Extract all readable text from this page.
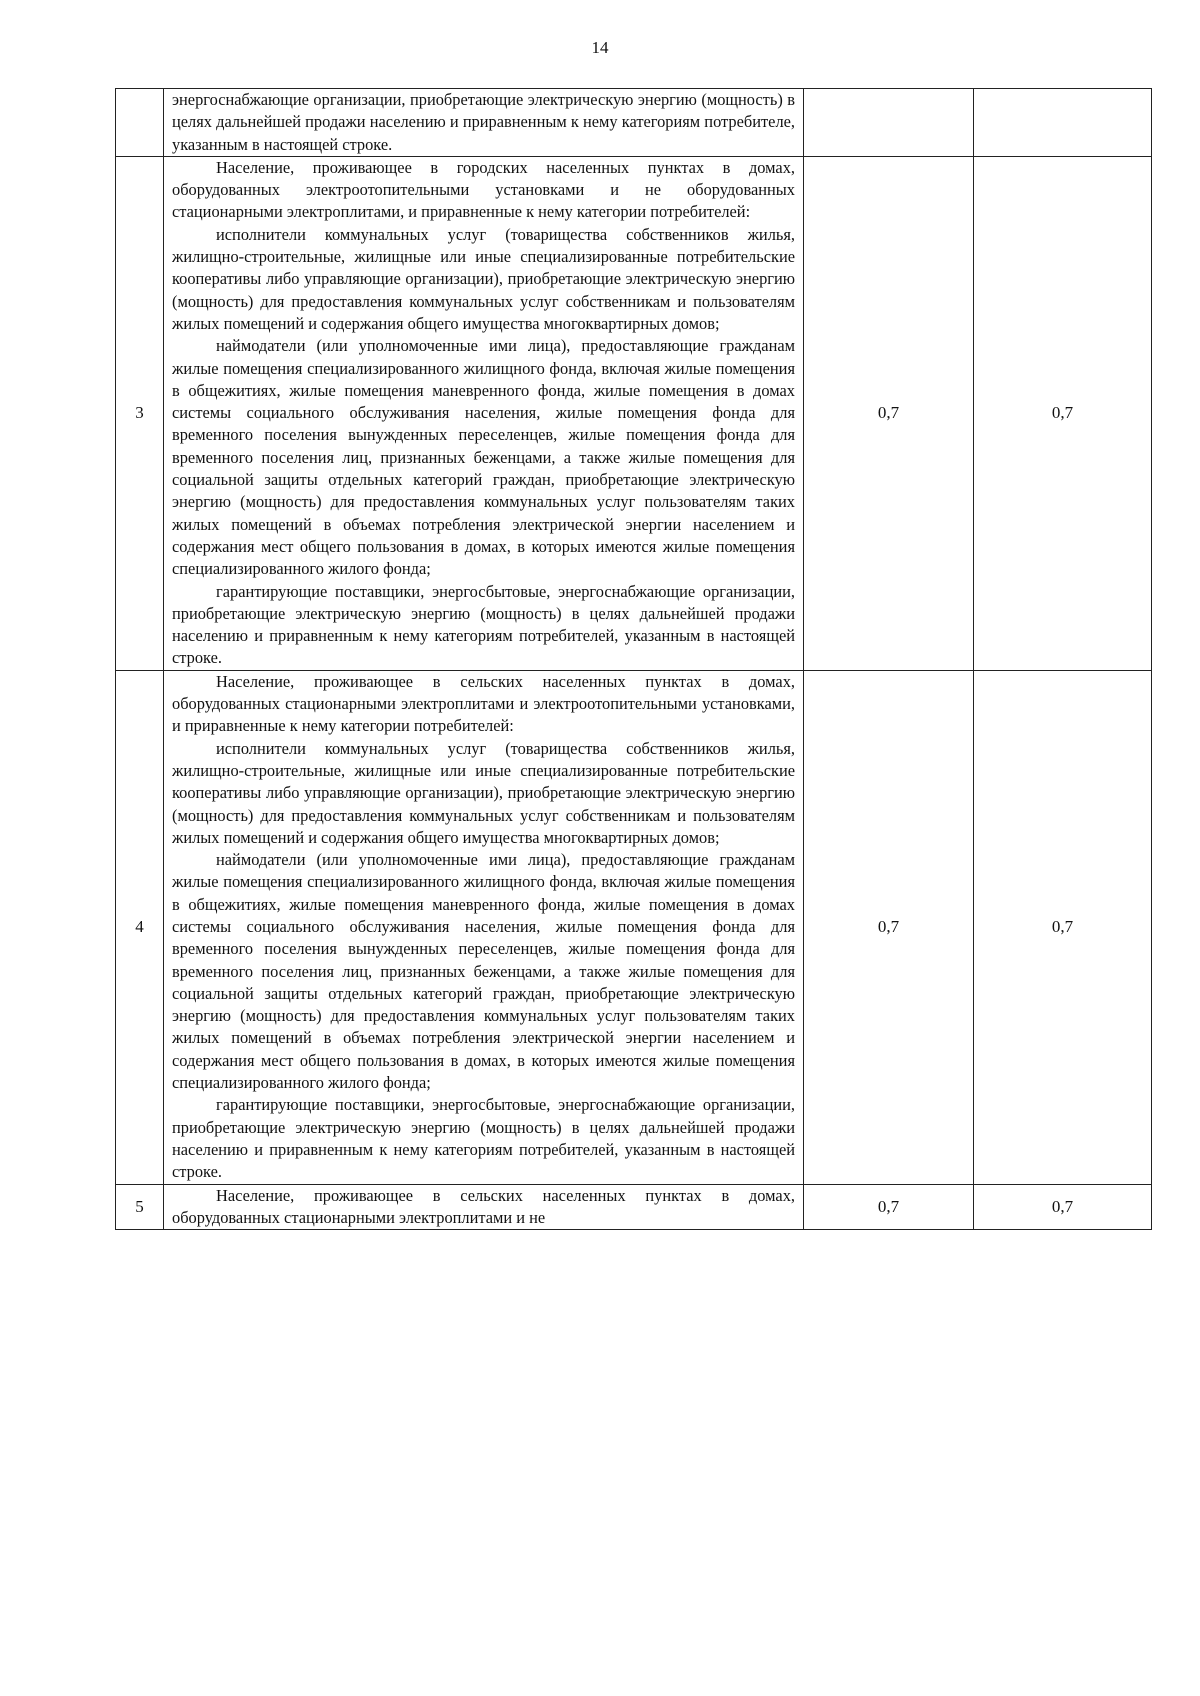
14

	энергоснабжающие организации, приобретающие электрическую энергию (мощность) в целях дальнейшей продажи населению и приравненным к нему категориям потребителе, указанным в настоящей строке.		

3	Население, проживающее в городских населенных пунктах в домах, оборудованных электроотопительными установками и не оборудованных стационарными электроплитами, и приравненные к нему категории потребителей:

исполнители коммунальных услуг (товарищества собственников жилья, жилищно-строительные, жилищные или иные специализированные потребительские кооперативы либо управляющие организации), приобретающие электрическую энергию (мощность) для предоставления коммунальных услуг собственникам и пользователям жилых помещений и содержания общего имущества многоквартирных домов;

наймодатели (или уполномоченные ими лица), предоставляющие гражданам жилые помещения специализированного жилищного фонда, включая жилые помещения в общежитиях, жилые помещения маневренного фонда, жилые помещения в домах системы социального обслуживания населения, жилые помещения фонда для временного поселения вынужденных переселенцев, жилые помещения фонда для временного поселения лиц, признанных беженцами, а также жилые помещения для социальной защиты отдельных категорий граждан, приобретающие электрическую энергию (мощность) для предоставления коммунальных услуг пользователям таких жилых помещений в объемах потребления электрической энергии населением и содержания мест общего пользования в домах, в которых имеются жилые помещения специализированного жилого фонда;

гарантирующие поставщики, энергосбытовые, энергоснабжающие организации, приобретающие электрическую энергию (мощность) в целях дальнейшей продажи населению и приравненным к нему категориям потребителей, указанным в настоящей строке.	0,7	0,7
4	Население, проживающее в сельских населенных пунктах в домах, оборудованных стационарными электроплитами и электроотопительными установками, и приравненные к нему категории потребителей:

исполнители коммунальных услуг (товарищества собственников жилья, жилищно-строительные, жилищные или иные специализированные потребительские кооперативы либо управляющие организации), приобретающие электрическую энергию (мощность) для предоставления коммунальных услуг собственникам и пользователям жилых помещений и содержания общего имущества многоквартирных домов;

наймодатели (или уполномоченные ими лица), предоставляющие гражданам жилые помещения специализированного жилищного фонда, включая жилые помещения в общежитиях, жилые помещения маневренного фонда, жилые помещения в домах системы социального обслуживания населения, жилые помещения фонда для временного поселения вынужденных переселенцев, жилые помещения фонда для временного поселения лиц, признанных беженцами, а также жилые помещения для социальной защиты отдельных категорий граждан, приобретающие электрическую энергию (мощность) для предоставления коммунальных услуг пользователям таких жилых помещений в объемах потребления электрической энергии населением и содержания мест общего пользования в домах, в которых имеются жилые помещения специализированного жилого фонда;

гарантирующие поставщики, энергосбытовые, энергоснабжающие организации, приобретающие электрическую энергию (мощность) в целях дальнейшей продажи населению и приравненным к нему категориям потребителей, указанным в настоящей строке.	0,7	0,7
5	Население, проживающее в сельских населенных пунктах в домах, оборудованных стационарными электроплитами и не	0,7	0,7
